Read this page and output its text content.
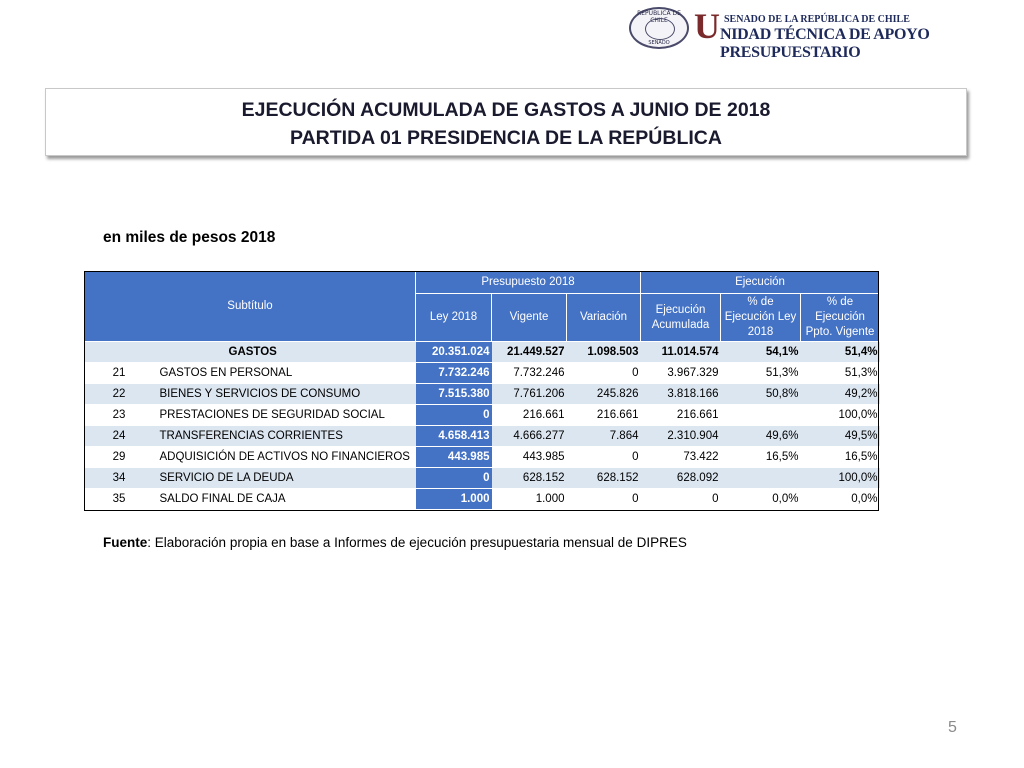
REPÚBLICA DE CHILE
SENADO U SENADO DE LA REPÚBLICA DE CHILE
NIDAD TÉCNICA DE APOYO PRESUPUESTARIO
EJECUCIÓN ACUMULADA DE GASTOS A JUNIO DE 2018
PARTIDA 01 PRESIDENCIA DE LA REPÚBLICA
en miles de pesos 2018
Subtítulo		Presupuesto 2018			Ejecución		
		Ley 2018	Vigente	Variación	Ejecución Acumulada	% de Ejecución Ley 2018	% de Ejecución Ppto. Vigente
	GASTOS	20.351.024	21.449.527	1.098.503	11.014.574	54,1%	51,4%
21	GASTOS EN PERSONAL	7.732.246	7.732.246	0	3.967.329	51,3%	51,3%
22	BIENES Y SERVICIOS DE CONSUMO	7.515.380	7.761.206	245.826	3.818.166	50,8%	49,2%
23	PRESTACIONES DE SEGURIDAD SOCIAL	0	216.661	216.661	216.661		100,0%
24	TRANSFERENCIAS CORRIENTES	4.658.413	4.666.277	7.864	2.310.904	49,6%	49,5%
29	ADQUISICIÓN DE ACTIVOS NO FINANCIEROS	443.985	443.985	0	73.422	16,5%	16,5%
34	SERVICIO DE LA DEUDA	0	628.152	628.152	628.092		100,0%
35	SALDO FINAL DE CAJA	1.000	1.000	0	0	0,0%	0,0%
Fuente: Elaboración propia en base a Informes de ejecución presupuestaria mensual de DIPRES
5
